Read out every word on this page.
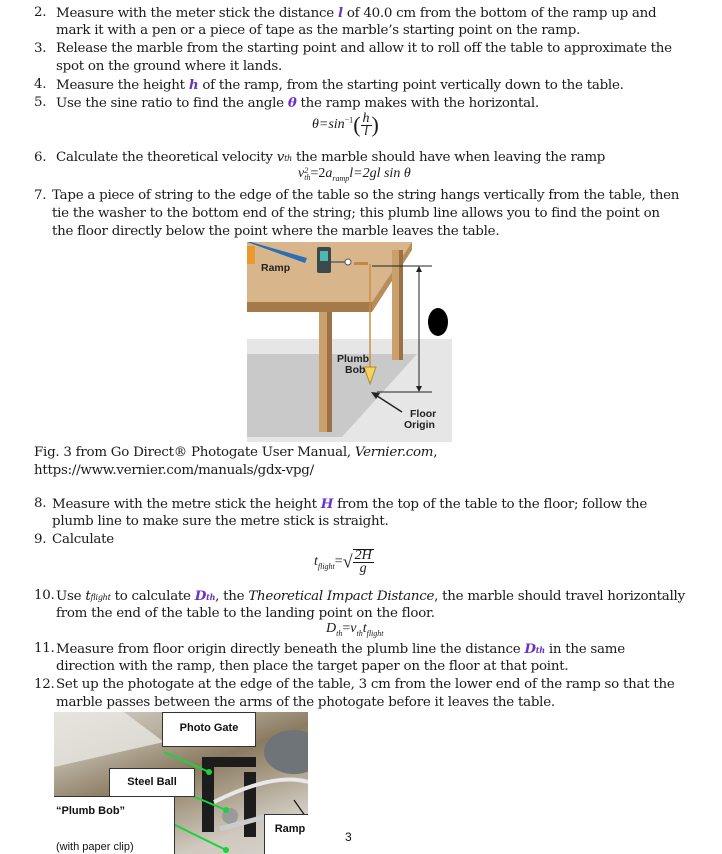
2. Measure with the meter stick the distance l of 40.0 cm from the bottom of the ramp up and
mark it with a pen or a piece of tape as the marble’s starting point on the ramp.
3. Release the marble from the starting point and allow it to roll off the table to approximate the
spot on the ground where it lands.
4. Measure the height h of the ramp, from the starting point vertically down to the table.
5. Use the sine ratio to find the angle θ the ramp makes with the horizontal.
$\theta=\sin^{-1}( \frac{h}{l}$ )
6. Calculate the theoretical velocity vth the marble should have when leaving the ramp
v 2
th $=2a_{ramp}l=2gl$ sin θ
7. Tape a piece of string to the edge of the table so the string hangs vertically from the table, then
tie the washer to the bottom end of the string; this plumb line allows you to find the point on
the floor directly below the point where the marble leaves the table.
Ramp
Plumb
Bob
Floor
Origin
Fig. 3 from Go Direct® Photogate User Manual, Vernier.com,
https://www.vernier.com/manuals/gdx-vpg/
8. Measure with the metre stick the height H from the top of the table to the floor; follow the
plumb line to make sure the metre stick is straight.
9. Calculate
$t_{flight}=√ \frac{2H}{g}$
10. Use tflight to calculate Dth, the Theoretical Impact Distance, the marble should travel horizontally
from the end of the table to the landing point on the floor.
$D_{th}=v_{th}t_{flight}$
11. Measure from floor origin directly beneath the plumb line the distance Dth in the same
direction with the ramp, then place the target paper on the floor at that point.
12. Set up the photogate at the edge of the table, 3 cm from the lower end of the ramp so that the
marble passes between the arms of the photogate before it leaves the table.
Photo Gate
Steel Ball
“Plumb Bob”
(with paper clip)
Ramp
3
